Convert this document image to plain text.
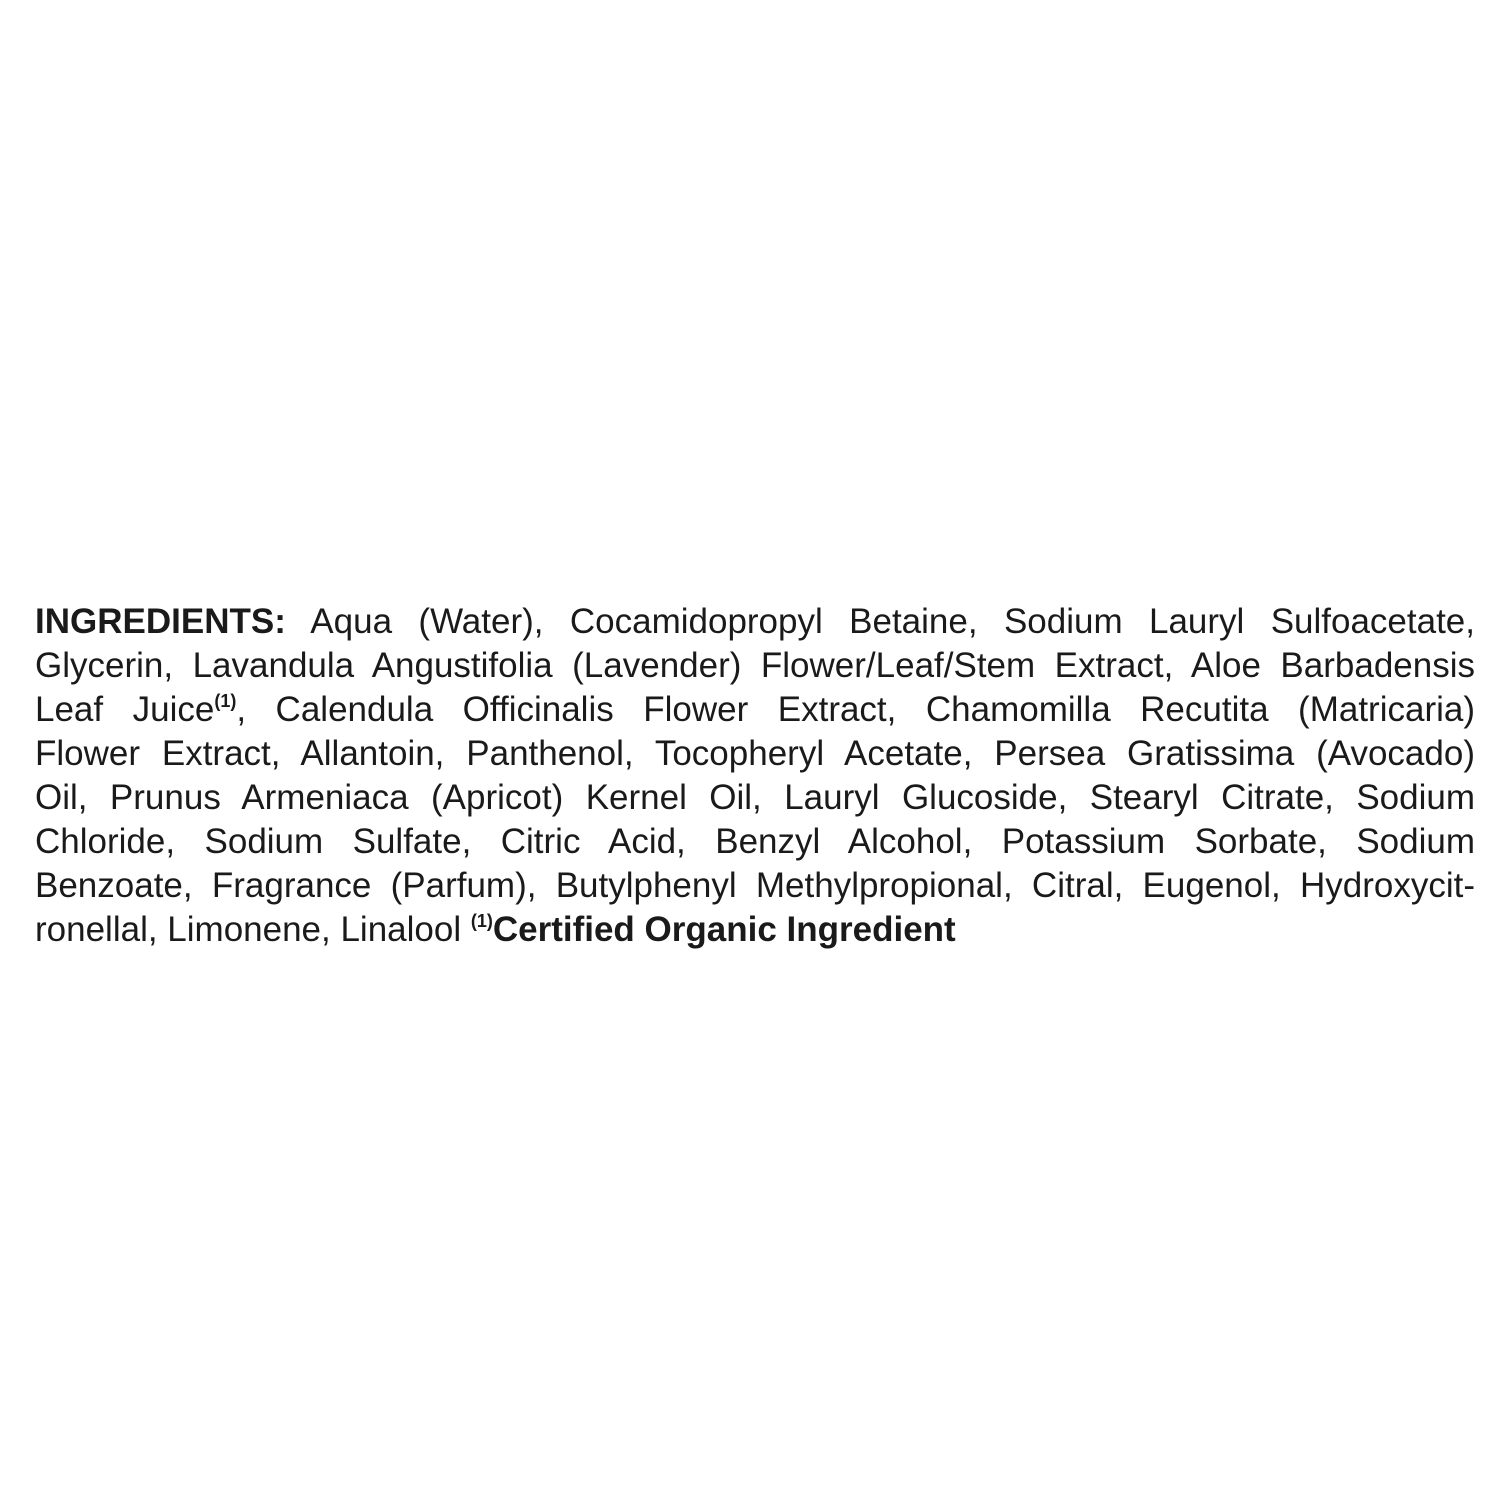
INGREDIENTS: Aqua (Water), Cocamidopropyl Betaine, Sodium Lauryl Sulfoacetate,
Glycerin, Lavandula Angustifolia (Lavender) Flower/Leaf/Stem Extract, Aloe Barbadensis
Leaf Juice$^{(1)}$, Calendula Officinalis Flower Extract, Chamomilla Recutita (Matricaria)
Flower Extract, Allantoin, Panthenol, Tocopheryl Acetate, Persea Gratissima (Avocado)
Oil, Prunus Armeniaca (Apricot) Kernel Oil, Lauryl Glucoside, Stearyl Citrate, Sodium
Chloride, Sodium Sulfate, Citric Acid, Benzyl Alcohol, Potassium Sorbate, Sodium
Benzoate, Fragrance (Parfum), Butylphenyl Methylpropional, Citral, Eugenol, Hydroxycit-
ronellal, Limonene, Linalool $^{(1)}$Certified Organic Ingredient
